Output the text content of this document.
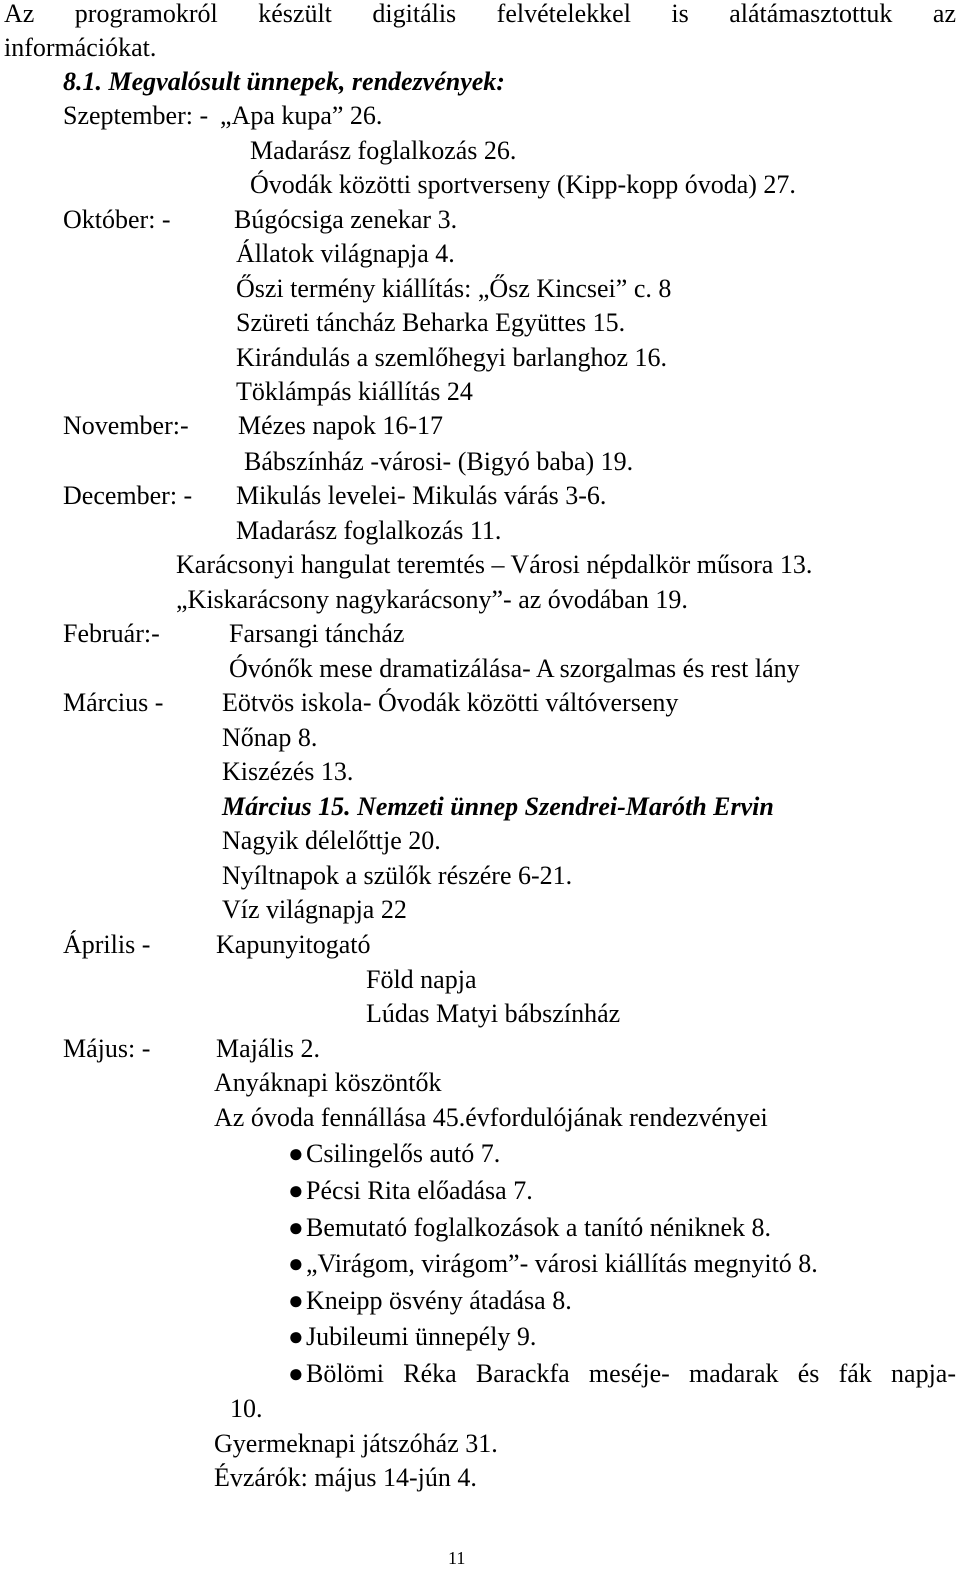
Az programokról készült digitális felvételekkel is alátámasztottuk az
információkat.
8.1. Megvalósult ünnepek, rendezvények:
Szeptember: - „Apa kupa” 26.
Madarász foglalkozás 26.
Óvodák közötti sportverseny (Kipp-kopp óvoda) 27.
Október: - Búgócsiga zenekar 3.
Állatok világnapja 4.
Őszi termény kiállítás: „Ősz Kincsei” c. 8
Szüreti táncház Beharka Együttes 15.
Kirándulás a szemlőhegyi barlanghoz 16.
Töklámpás kiállítás 24
November:- Mézes napok 16-17
Bábszínház -városi- (Bigyó baba) 19.
December: - Mikulás levelei- Mikulás várás 3-6.
Madarász foglalkozás 11.
Karácsonyi hangulat teremtés – Városi népdalkör műsora 13.
„Kiskarácsony nagykarácsony”- az óvodában 19.
Február:-	Farsangi táncház
Óvónők mese dramatizálása- A szorgalmas és rest lány
Március - Eötvös iskola- Óvodák közötti váltóverseny
Nőnap 8.
Kiszézés 13.
Március 15. Nemzeti ünnep Szendrei-Maróth Ervin
Nagyik délelőttje 20.
Nyíltnapok a szülők részére 6-21.
Víz világnapja 22
Április -	Kapunyitogató
Föld napja
Lúdas Matyi bábszínház
Május: -	Majális 2.
Anyáknapi köszöntők
Az óvoda fennállása 45.évfordulójának rendezvényei
●Csilingelős autó 7.
●Pécsi Rita előadása 7.
●Bemutató foglalkozások a tanító néniknek 8.
●„Virágom, virágom”- városi kiállítás megnyitó 8.
●Kneipp ösvény átadása 8.
●Jubileumi ünnepély 9.
●Bölömi Réka Barackfa meséje- madarak és fák napja-
10.
Gyermeknapi játszóház 31.
Évzárók: május 14-jún 4.
11
